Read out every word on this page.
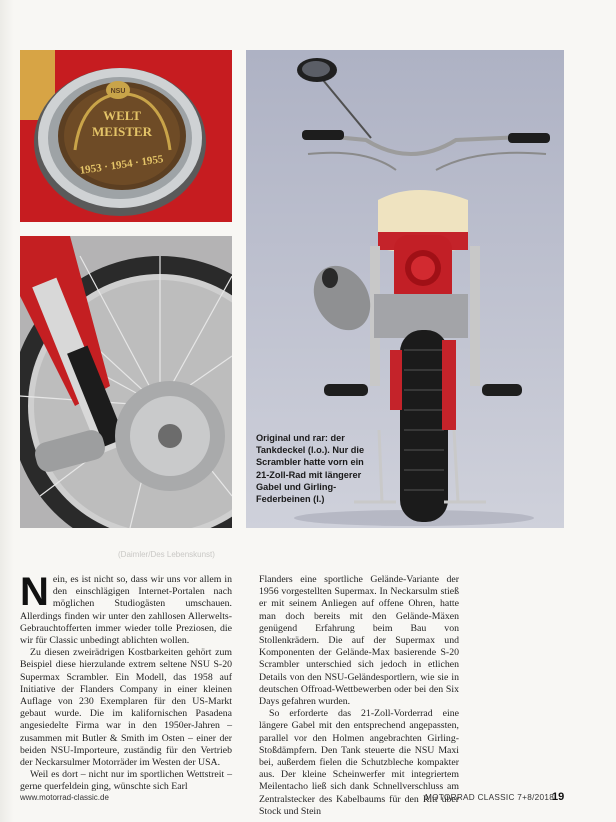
WELT
MEISTER
1953 · 1954 · 1955
NSU
Original und rar: der Tankdeckel (l.o.). Nur die Scrambler hatte vorn ein 21-Zoll-Rad mit längerer Gabel und Girling-Federbeinen (l.)
(Daimler/Des Lebenskunst)

Nein, es ist nicht so, dass wir uns vor allem in den einschlägigen Internet-Portalen nach möglichen Studiogästen umschauen. Allerdings finden wir unter den zahllosen Allerwelts-Gebrauchtofferten immer wieder tolle Preziosen, die wir für Classic unbedingt ablichten wollen.

Zu diesen zweirädrigen Kostbarkeiten gehört zum Beispiel diese hierzulande extrem seltene NSU S-20 Supermax Scrambler. Ein Modell, das 1958 auf Initiative der Flanders Company in einer kleinen Auflage von 230 Exemplaren für den US-Markt gebaut wurde. Die im kalifornischen Pasadena angesiedelte Firma war in den 1950er-Jahren – zusammen mit Butler & Smith im Osten – einer der beiden NSU-Importeure, zuständig für den Vertrieb der Neckarsulmer Motorräder im Westen der USA.

Weil es dort – nicht nur im sportlichen Wettstreit – gerne querfeldein ging, wünschte sich Earl

Flanders eine sportliche Gelände-Variante der 1956 vorgestellten Supermax. In Neckarsulm stieß er mit seinem Anliegen auf offene Ohren, hatte man doch bereits mit den Gelände-Mäxen genügend Erfahrung beim Bau von Stollenkrädern. Die auf der Supermax und Komponenten der Gelände-Max basierende S-20 Scrambler unterschied sich jedoch in etlichen Details von den NSU-Geländesportlern, wie sie in deutschen Offroad-Wettbewerben oder bei den Six Days gefahren wurden.

So erforderte das 21-Zoll-Vorderrad eine längere Gabel mit den entsprechend angepassten, parallel vor den Holmen angebrachten Girling-Stoßdämpfern. Den Tank steuerte die NSU Maxi bei, außerdem fielen die Schutzbleche kompakter aus. Der kleine Scheinwerfer mit integriertem Meilentacho ließ sich dank Schnellverschluss am Zentralstecker des Kabelbaums für den Ritt über Stock und Stein

www.motorrad-classic.de	MOTORRAD CLASSIC 7+8/2018
19
